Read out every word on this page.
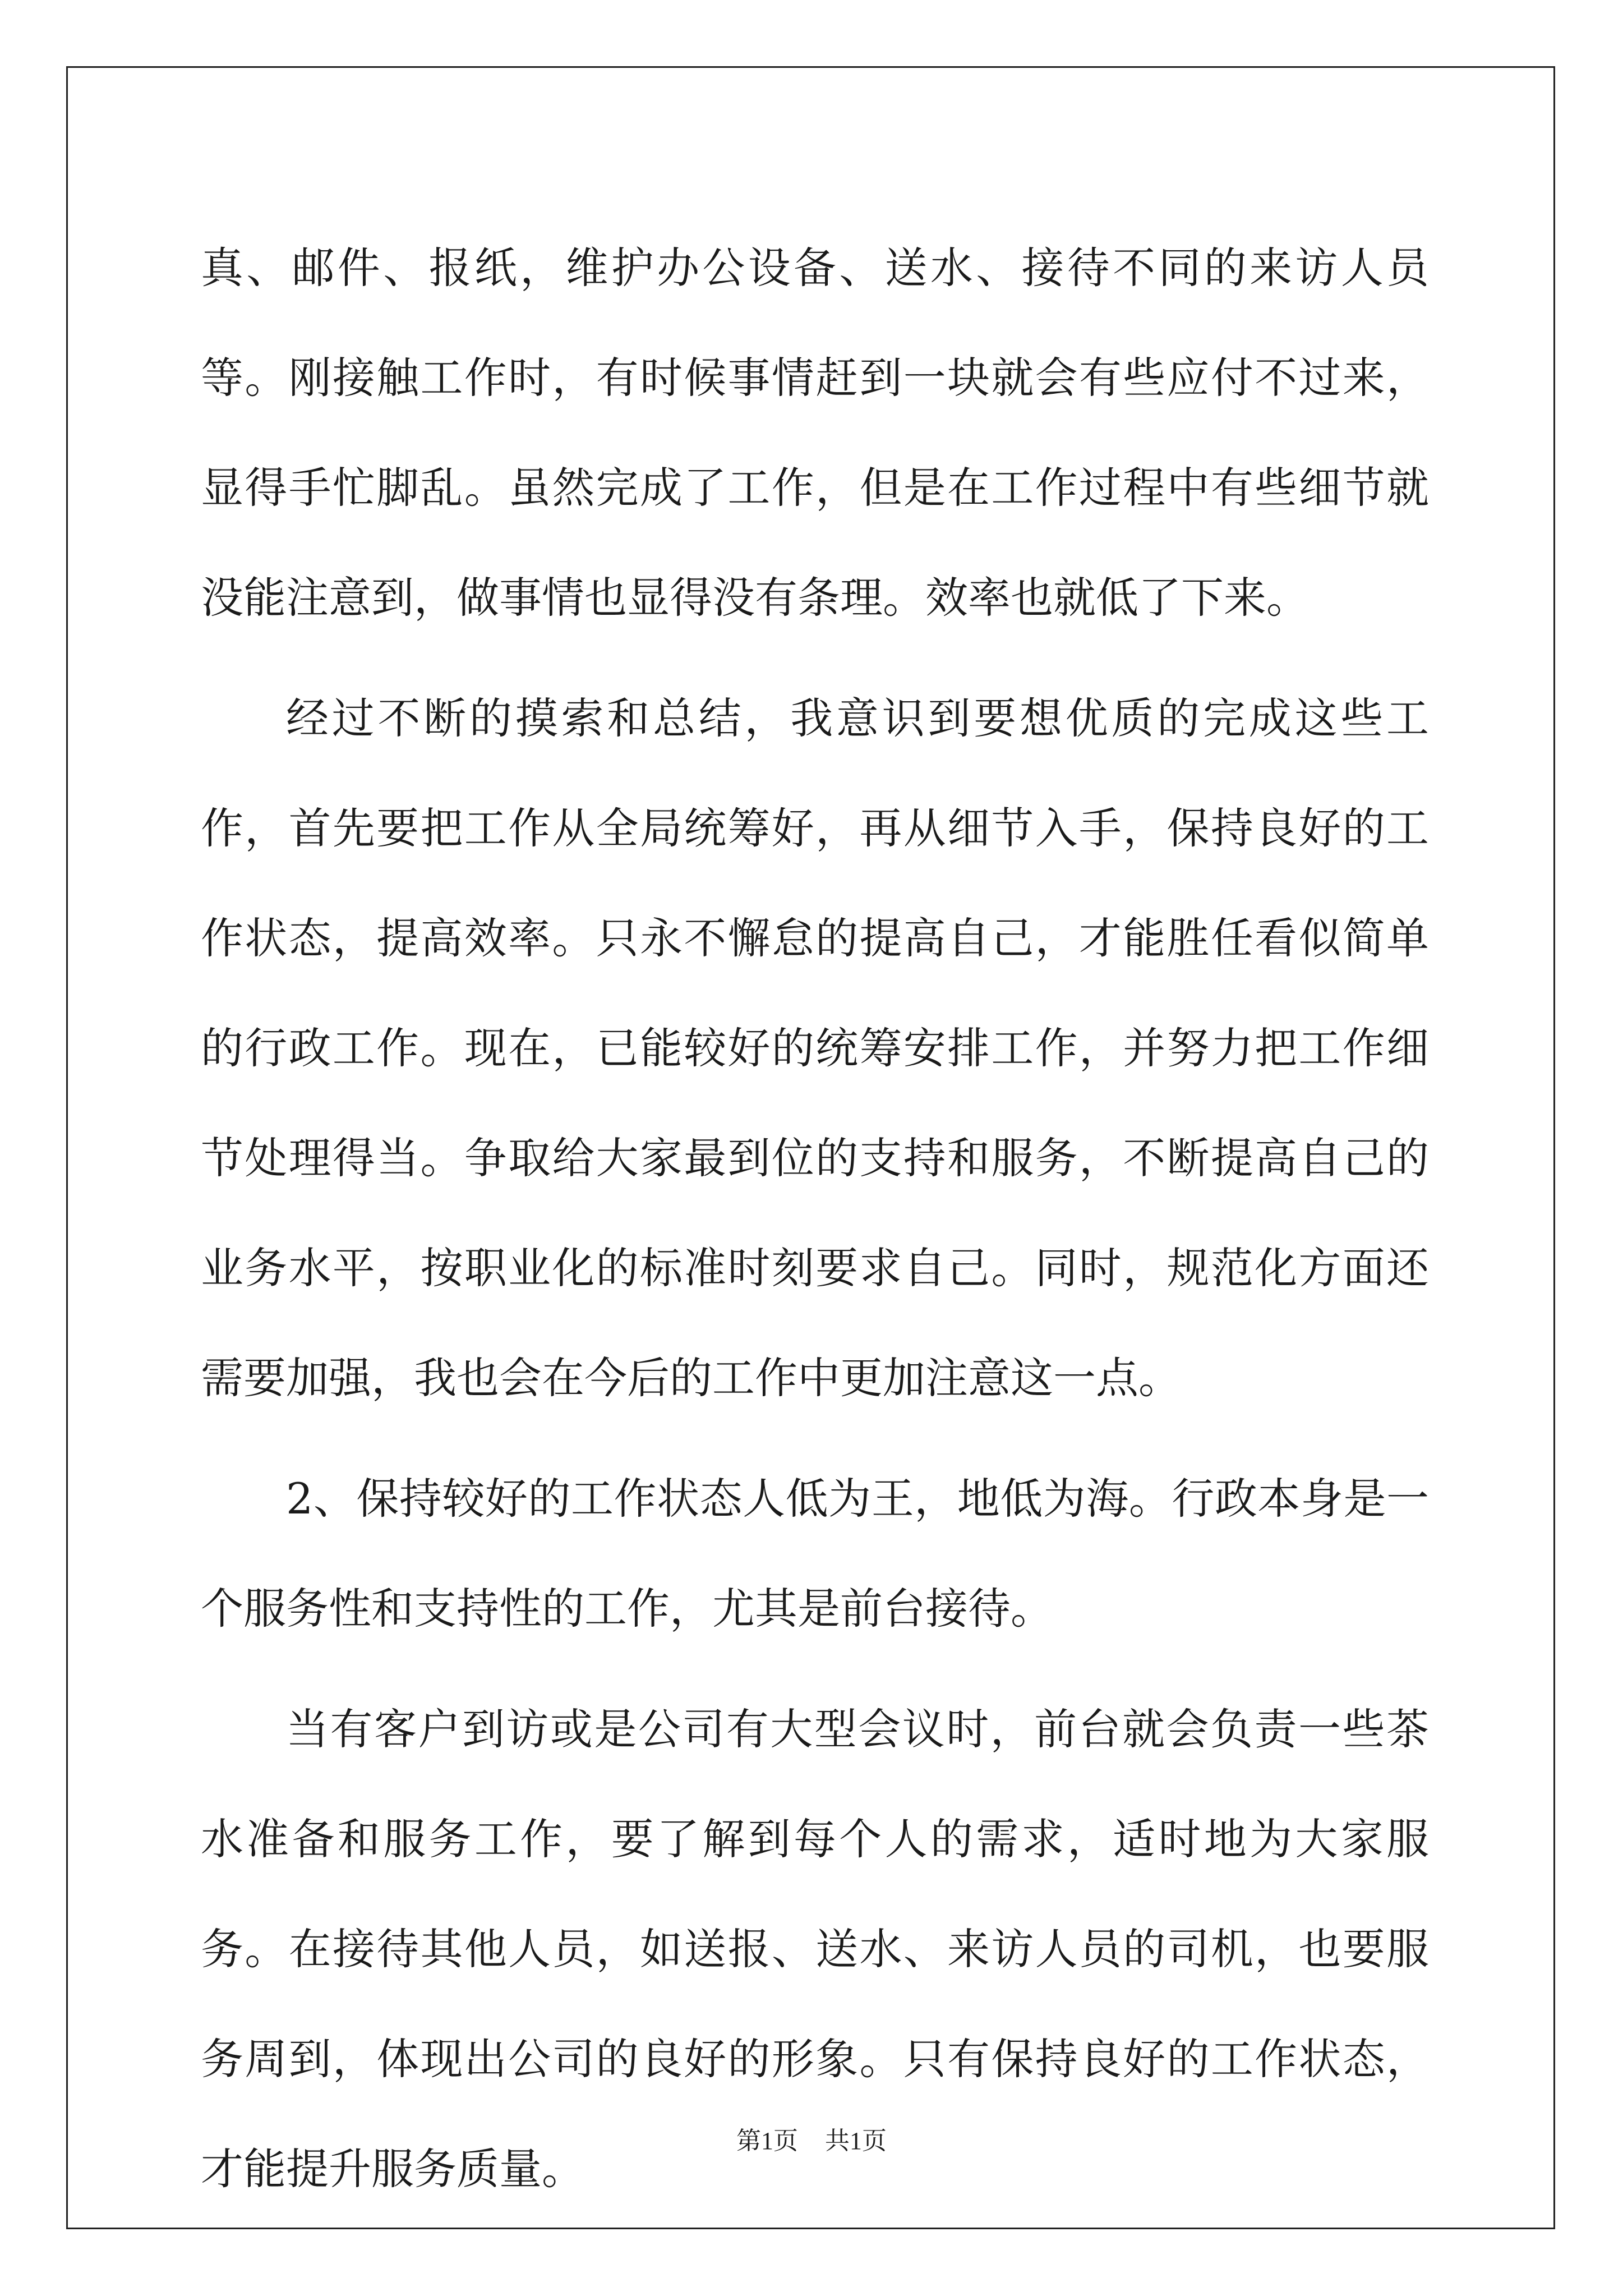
真、邮件、报纸，维护办公设备、送水、接待不同的来访人员等。刚接触工作时，有时候事情赶到一块就会有些应付不过来，显得手忙脚乱。虽然完成了工作，但是在工作过程中有些细节就没能注意到，做事情也显得没有条理。效率也就低了下来。

经过不断的摸索和总结，我意识到要想优质的完成这些工作，首先要把工作从全局统筹好，再从细节入手，保持良好的工作状态，提高效率。只永不懈怠的提高自己，才能胜任看似简单的行政工作。现在，已能较好的统筹安排工作，并努力把工作细节处理得当。争取给大家最到位的支持和服务，不断提高自己的业务水平，按职业化的标准时刻要求自己。同时，规范化方面还需要加强，我也会在今后的工作中更加注意这一点。

2、保持较好的工作状态人低为王，地低为海。行政本身是一个服务性和支持性的工作，尤其是前台接待。

当有客户到访或是公司有大型会议时，前台就会负责一些茶水准备和服务工作，要了解到每个人的需求，适时地为大家服务。在接待其他人员，如送报、送水、来访人员的司机，也要服务周到，体现出公司的良好的形象。只有保持良好的工作状态，才能提升服务质量。

第1页 共1页
